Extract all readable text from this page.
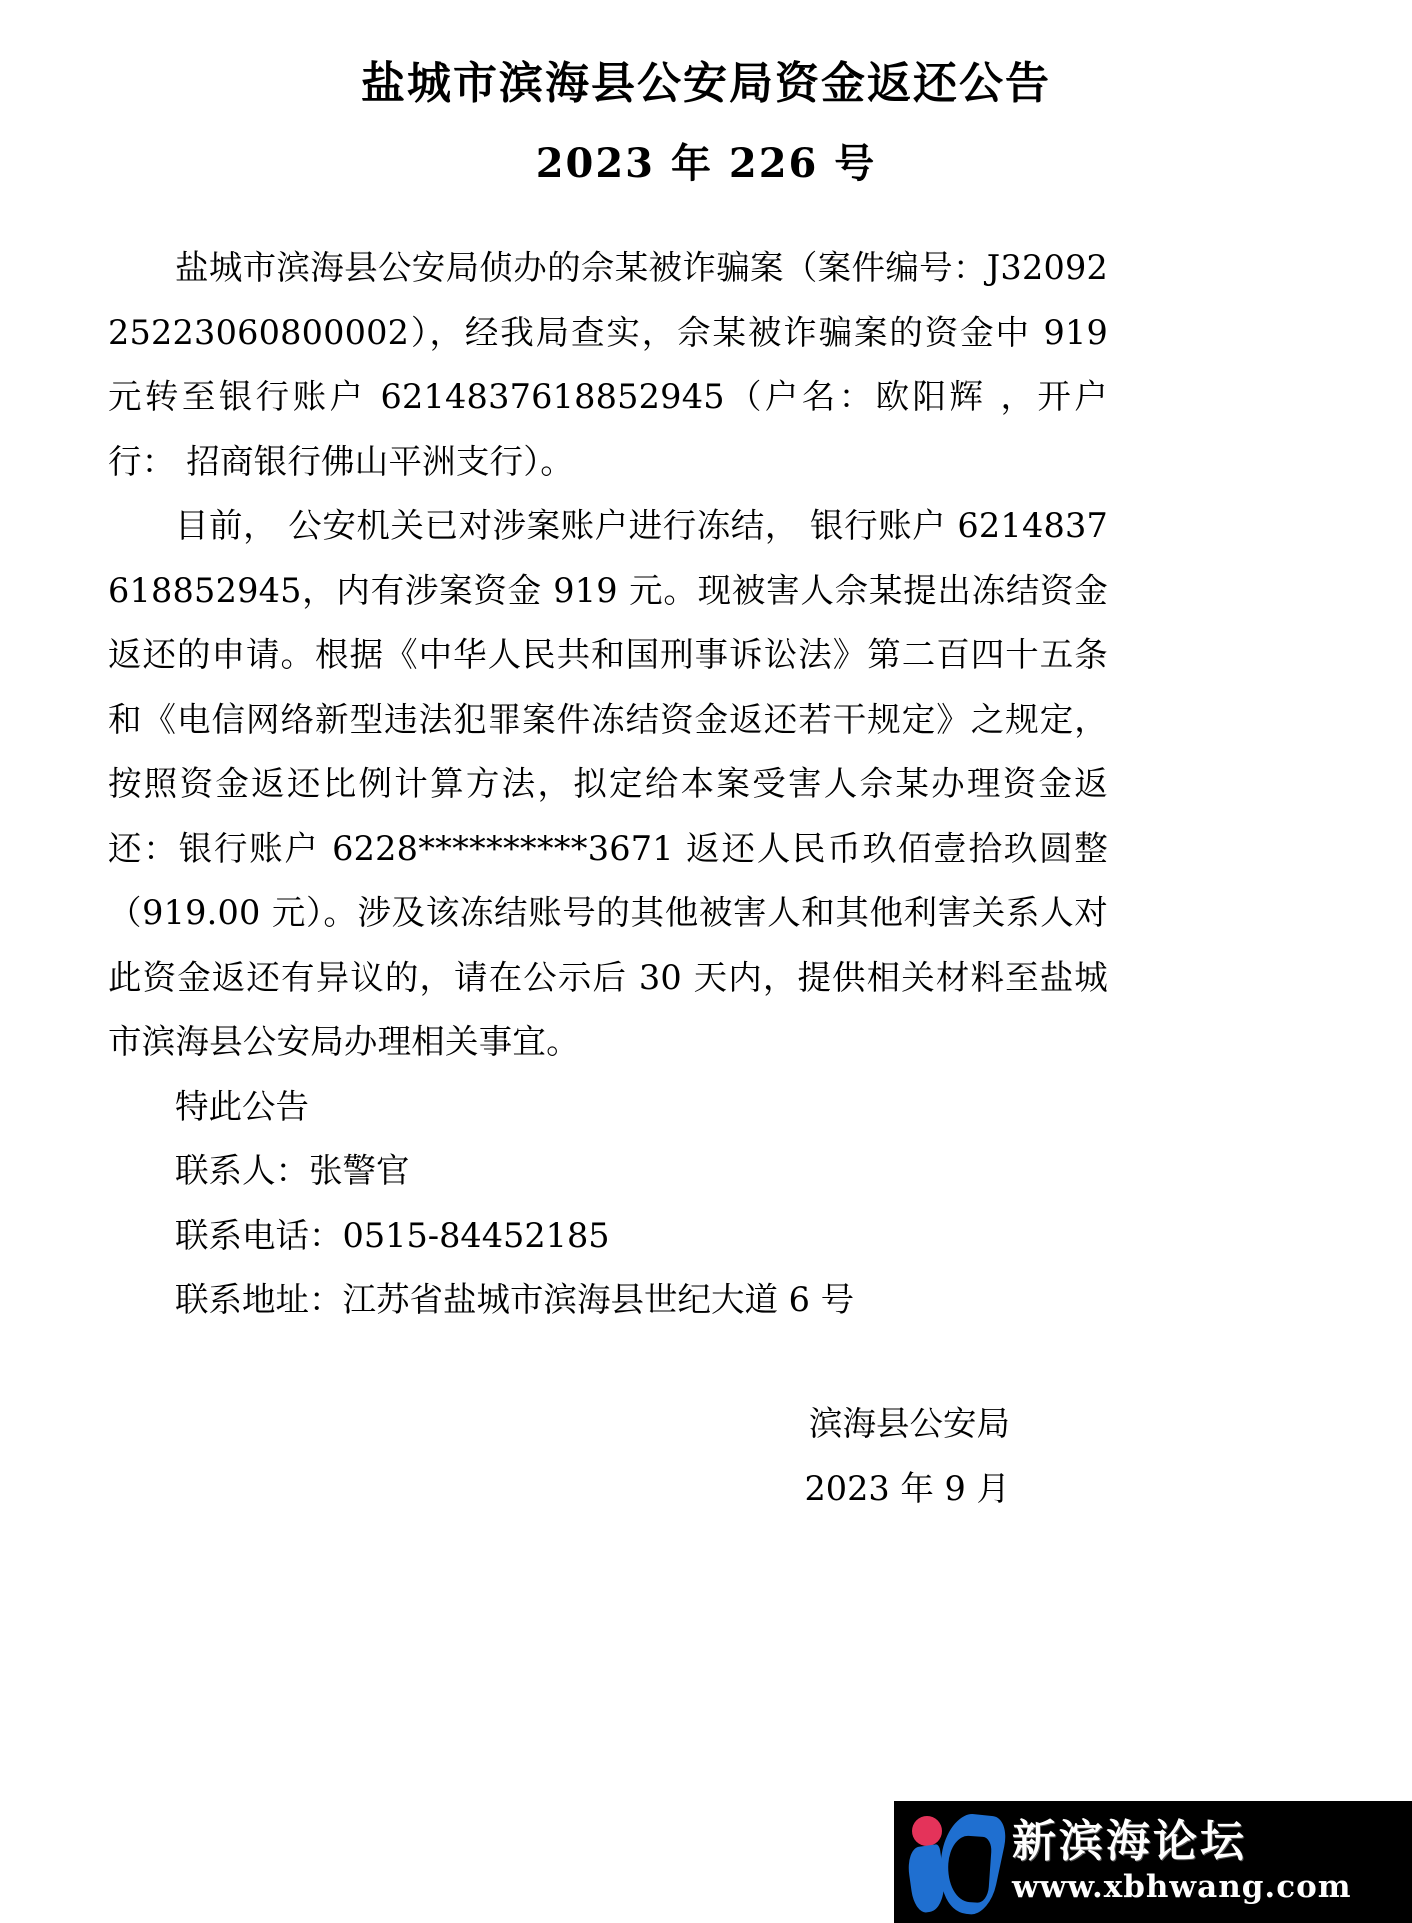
盐城市滨海县公安局资金返还公告
2023 年 226 号

盐城市滨海县公安局侦办的佘某被诈骗案（案件编号：J3209225223060800002），经我局查实，佘某被诈骗案的资金中 919 元转至银行账户 6214837618852945（户名：欧阳辉 ，开户行： 招商银行佛山平洲支行）。

目前， 公安机关已对涉案账户进行冻结， 银行账户 6214837618852945，内有涉案资金 919 元。现被害人佘某提出冻结资金返还的申请。根据《中华人民共和国刑事诉讼法》第二百四十五条和《电信网络新型违法犯罪案件冻结资金返还若干规定》之规定，按照资金返还比例计算方法，拟定给本案受害人佘某办理资金返还：银行账户 6228**********3671 返还人民币玖佰壹拾玖圆整（919.00 元）。涉及该冻结账号的其他被害人和其他利害关系人对此资金返还有异议的，请在公示后 30 天内，提供相关材料至盐城市滨海县公安局办理相关事宜。

特此公告

联系人：张警官

联系电话：0515-84452185

联系地址：江苏省盐城市滨海县世纪大道 6 号

滨海县公安局
2023 年 9 月
新滨海论坛
www.xbhwang.com
